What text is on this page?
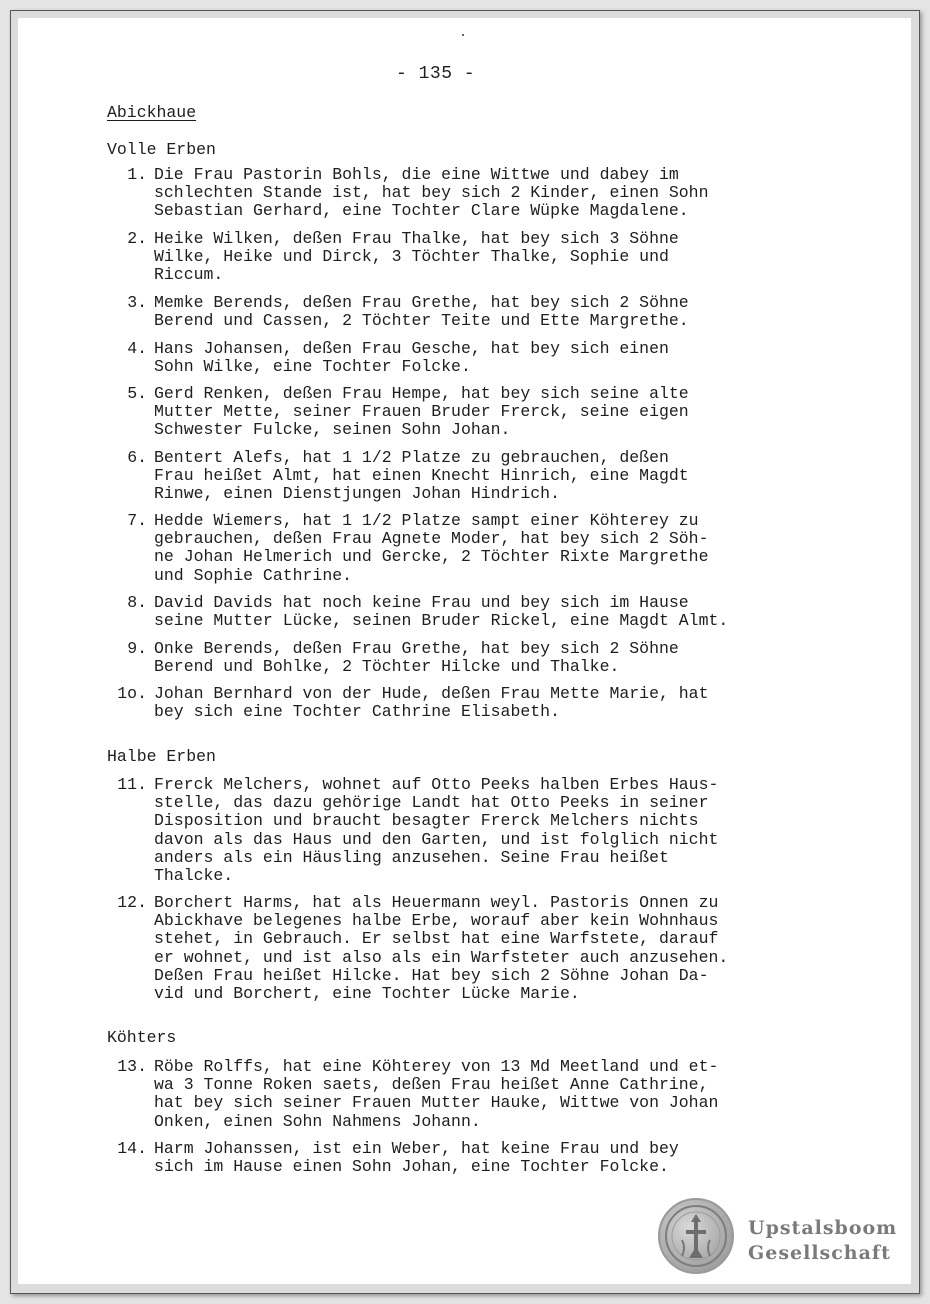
- 135 -
Abickhaue
Volle Erben
1. Die Frau Pastorin Bohls, die eine Wittwe und dabey im
schlechten Stande ist, hat bey sich 2 Kinder, einen Sohn
Sebastian Gerhard, eine Tochter Clare Wüpke Magdalene.
2. Heike Wilken, deßen Frau Thalke, hat bey sich 3 Söhne
Wilke, Heike und Dirck, 3 Töchter Thalke, Sophie und
Riccum.
3. Memke Berends, deßen Frau Grethe, hat bey sich 2 Söhne
Berend und Cassen, 2 Töchter Teite und Ette Margrethe.
4. Hans Johansen, deßen Frau Gesche, hat bey sich einen
Sohn Wilke, eine Tochter Folcke.
5. Gerd Renken, deßen Frau Hempe, hat bey sich seine alte
Mutter Mette, seiner Frauen Bruder Frerck, seine eigen
Schwester Fulcke, seinen Sohn Johan.
6. Bentert Alefs, hat 1 1/2 Platze zu gebrauchen, deßen
Frau heißet Almt, hat einen Knecht Hinrich, eine Magdt
Rinwe, einen Dienstjungen Johan Hindrich.
7. Hedde Wiemers, hat 1 1/2 Platze sampt einer Köhterey zu
gebrauchen, deßen Frau Agnete Moder, hat bey sich 2 Söh-
ne Johan Helmerich und Gercke, 2 Töchter Rixte Margrethe
und Sophie Cathrine.
8. David Davids hat noch keine Frau und bey sich im Hause
seine Mutter Lücke, seinen Bruder Rickel, eine Magdt Almt.
9. Onke Berends, deßen Frau Grethe, hat bey sich 2 Söhne
Berend und Bohlke, 2 Töchter Hilcke und Thalke.
1o. Johan Bernhard von der Hude, deßen Frau Mette Marie, hat
bey sich eine Tochter Cathrine Elisabeth.
Halbe Erben
11. Frerck Melchers, wohnet auf Otto Peeks halben Erbes Haus-
stelle, das dazu gehörige Landt hat Otto Peeks in seiner
Disposition und braucht besagter Frerck Melchers nichts
davon als das Haus und den Garten, und ist folglich nicht
anders als ein Häusling anzusehen. Seine Frau heißet
Thalcke.
12. Borchert Harms, hat als Heuermann weyl. Pastoris Onnen zu
Abickhave belegenes halbe Erbe, worauf aber kein Wohnhaus
stehet, in Gebrauch. Er selbst hat eine Warfstete, darauf
er wohnet, und ist also als ein Warfsteter auch anzusehen.
Deßen Frau heißet Hilcke. Hat bey sich 2 Söhne Johan Da-
vid und Borchert, eine Tochter Lücke Marie.
Köhters
13. Röbe Rolffs, hat eine Köhterey von 13 Md Meetland und et-
wa 3 Tonne Roken saets, deßen Frau heißet Anne Cathrine,
hat bey sich seiner Frauen Mutter Hauke, Wittwe von Johan
Onken, einen Sohn Nahmens Johann.
14. Harm Johanssen, ist ein Weber, hat keine Frau und bey
sich im Hause einen Sohn Johan, eine Tochter Folcke.
Upstalsboom
Gesellschaft
